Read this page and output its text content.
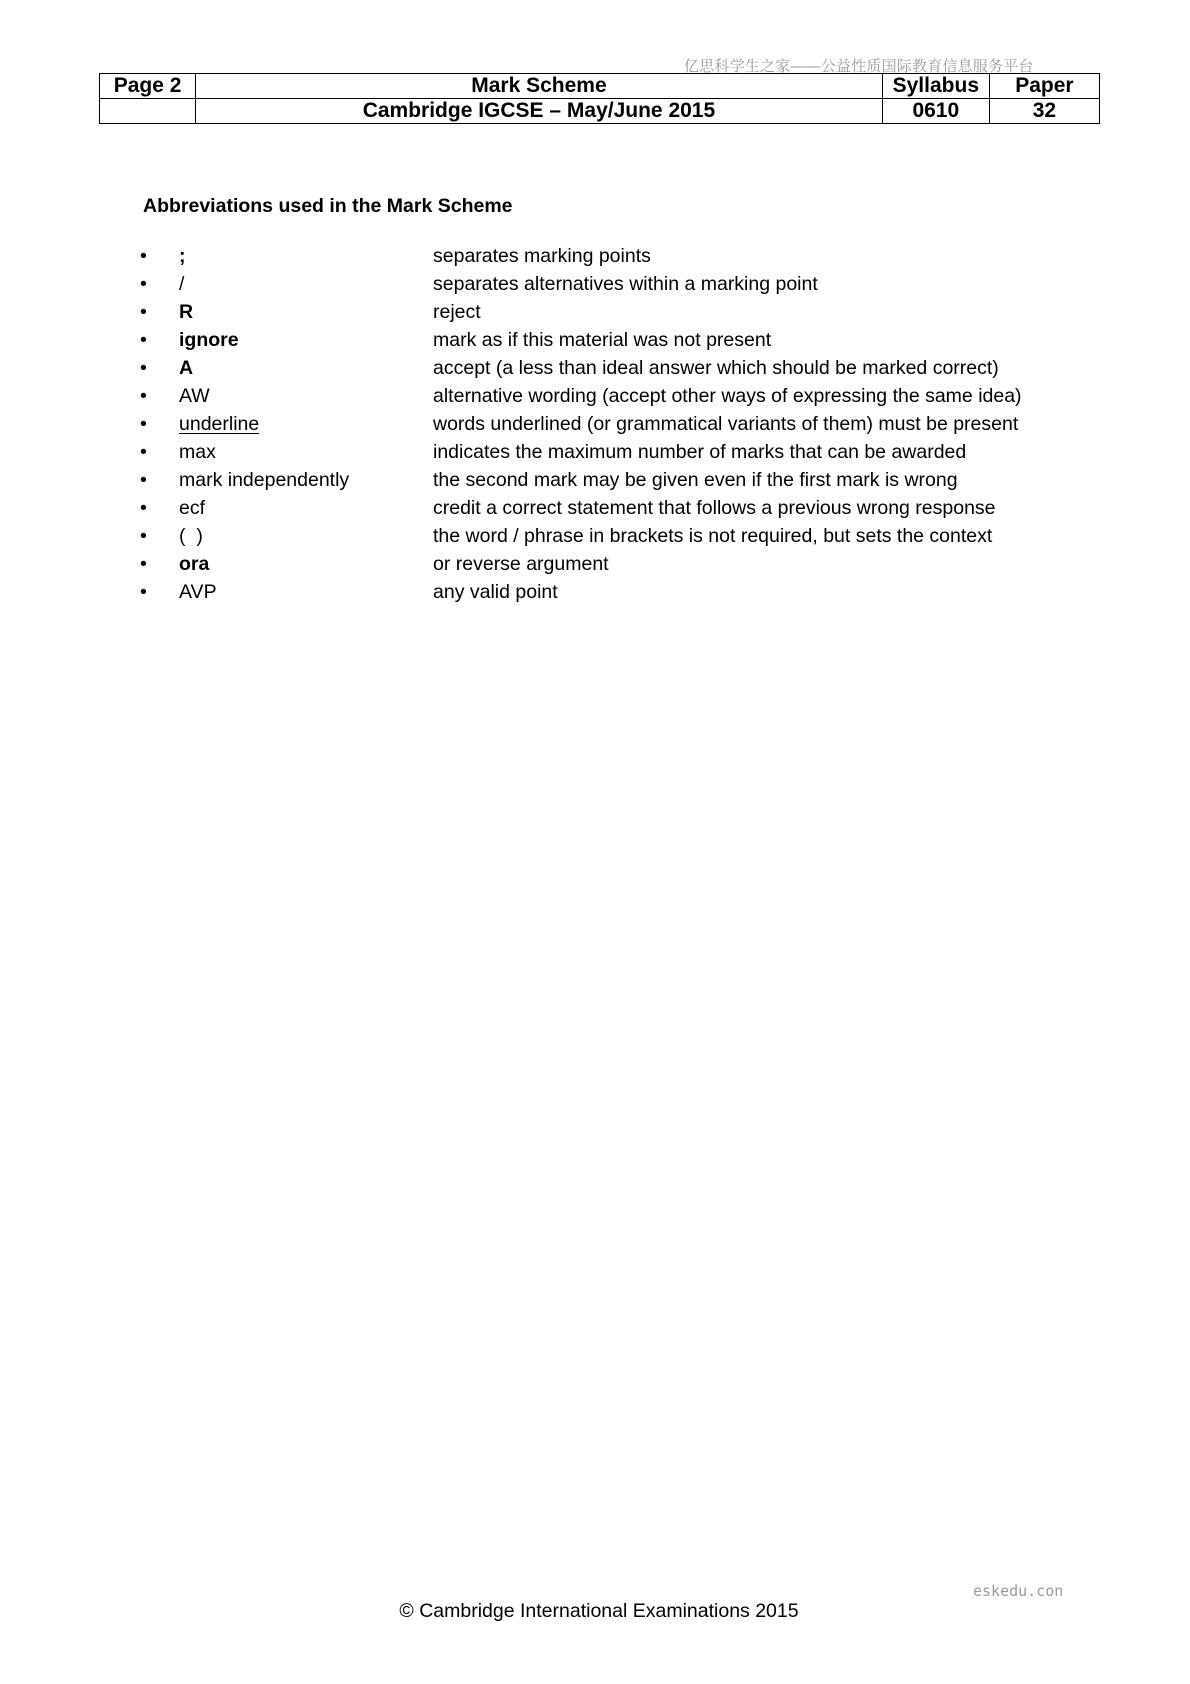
亿思科学生之家——公益性质国际教育信息服务平台
Page 2	Mark Scheme	Syllabus	Paper
	Cambridge IGCSE – May/June 2015	0610	32
Abbreviations used in the Mark Scheme
•	;	separates marking points
•	/	separates alternatives within a marking point
•	R	reject
•	ignore	mark as if this material was not present
•	A	accept (a less than ideal answer which should be marked correct)
•	AW	alternative wording (accept other ways of expressing the same idea)
•	underline	words underlined (or grammatical variants of them) must be present
•	max	indicates the maximum number of marks that can be awarded
•	mark independently	the second mark may be given even if the first mark is wrong
•	ecf	credit a correct statement that follows a previous wrong response
•	(  )	the word / phrase in brackets is not required, but sets the context
•	ora	or reverse argument
•	AVP	any valid point
eskedu.con
© Cambridge International Examinations 2015
